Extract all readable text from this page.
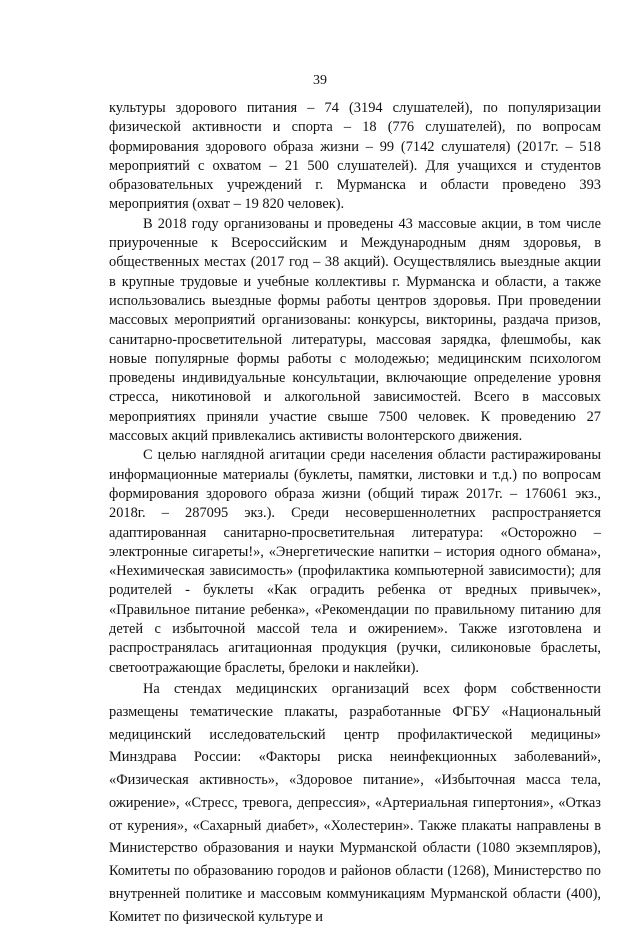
39

культуры здорового питания – 74 (3194 слушателей), по популяризации физической активности и спорта – 18 (776 слушателей), по вопросам формирования здорового образа жизни – 99 (7142 слушателя) (2017г. – 518 мероприятий с охватом – 21 500 слушателей). Для учащихся и студентов образовательных учреждений г. Мурманска и области проведено 393 мероприятия (охват – 19 820 человек).

В 2018 году организованы и проведены 43 массовые акции, в том числе приуроченные к Всероссийским и Международным дням здоровья, в общественных местах (2017 год – 38 акций). Осуществлялись выездные акции в крупные трудовые и учебные коллективы г. Мурманска и области, а также использовались выездные формы работы центров здоровья. При проведении массовых мероприятий организованы: конкурсы, викторины, раздача призов, санитарно-просветительной литературы, массовая зарядка, флешмобы, как новые популярные формы работы с молодежью; медицинским психологом проведены индивидуальные консультации, включающие определение уровня стресса, никотиновой и алкогольной зависимостей. Всего в массовых мероприятиях приняли участие свыше 7500 человек. К проведению 27 массовых акций привлекались активисты волонтерского движения.

С целью наглядной агитации среди населения области растиражированы информационные материалы (буклеты, памятки, листовки и т.д.) по вопросам формирования здорового образа жизни (общий тираж 2017г. – 176061 экз., 2018г. – 287095 экз.). Среди несовершеннолетних распространяется адаптированная санитарно-просветительная литература: «Осторожно – электронные сигареты!», «Энергетические напитки – история одного обмана», «Нехимическая зависимость» (профилактика компьютерной зависимости); для родителей - буклеты «Как оградить ребенка от вредных привычек», «Правильное питание ребенка», «Рекомендации по правильному питанию для детей с избыточной массой тела и ожирением». Также изготовлена и распространялась агитационная продукция (ручки, силиконовые браслеты, светоотражающие браслеты, брелоки и наклейки).

На стендах медицинских организаций всех форм собственности размещены тематические плакаты, разработанные ФГБУ «Национальный медицинский исследовательский центр профилактической медицины» Минздрава России: «Факторы риска неинфекционных заболеваний», «Физическая активность», «Здоровое питание», «Избыточная масса тела, ожирение», «Стресс, тревога, депрессия», «Артериальная гипертония», «Отказ от курения», «Сахарный диабет», «Холестерин». Также плакаты направлены в Министерство образования и науки Мурманской области (1080 экземпляров), Комитеты по образованию городов и районов области (1268), Министерство по внутренней политике и массовым коммуникациям Мурманской области (400), Комитет по физической культуре и
